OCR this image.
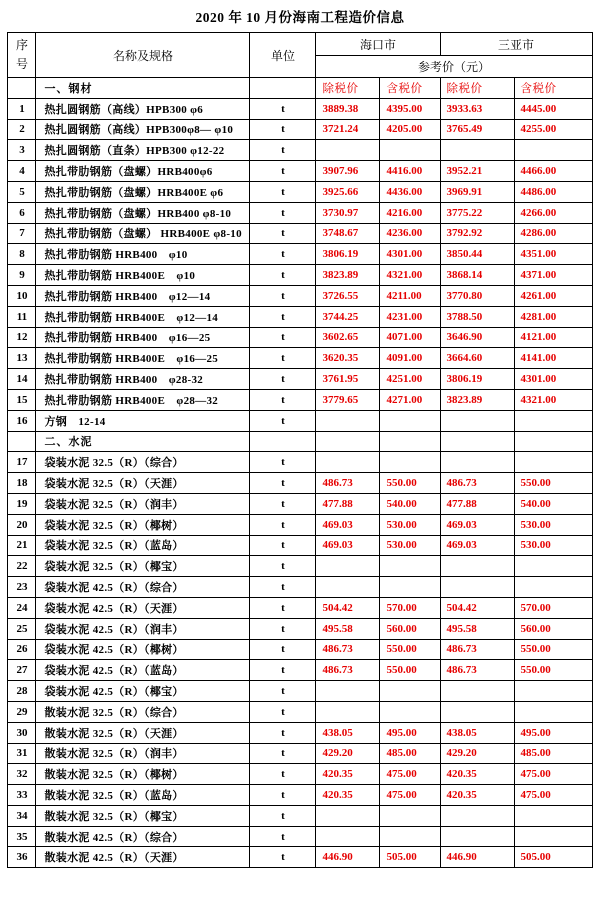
2020 年 10 月份海南工程造价信息
序号	名称及规格	单位	海口市		三亚市	
			参考价（元）			
	一、钢材		除税价	含税价	除税价	含税价
1	热扎圆钢筋（高线）HPB300 φ6	t	3889.38	4395.00	3933.63	4445.00
2	热扎圆钢筋（高线）HPB300φ8— φ10	t	3721.24	4205.00	3765.49	4255.00
3	热扎圆钢筋（直条）HPB300 φ12-22	t				
4	热扎带肋钢筋（盘螺）HRB400φ6	t	3907.96	4416.00	3952.21	4466.00
5	热扎带肋钢筋（盘螺）HRB400E φ6	t	3925.66	4436.00	3969.91	4486.00
6	热扎带肋钢筋（盘螺）HRB400 φ8-10	t	3730.97	4216.00	3775.22	4266.00
7	热扎带肋钢筋（盘螺） HRB400E φ8-10	t	3748.67	4236.00	3792.92	4286.00
8	热扎带肋钢筋 HRB400　φ10	t	3806.19	4301.00	3850.44	4351.00
9	热扎带肋钢筋 HRB400E　φ10	t	3823.89	4321.00	3868.14	4371.00
10	热扎带肋钢筋 HRB400　φ12—14	t	3726.55	4211.00	3770.80	4261.00
11	热扎带肋钢筋 HRB400E　φ12—14	t	3744.25	4231.00	3788.50	4281.00
12	热扎带肋钢筋 HRB400　φ16—25	t	3602.65	4071.00	3646.90	4121.00
13	热扎带肋钢筋 HRB400E　φ16—25	t	3620.35	4091.00	3664.60	4141.00
14	热扎带肋钢筋 HRB400　φ28-32	t	3761.95	4251.00	3806.19	4301.00
15	热扎带肋钢筋 HRB400E　φ28—32	t	3779.65	4271.00	3823.89	4321.00
16	方钢　12-14	t				
	二、水泥					
17	袋装水泥 32.5（R）（综合）	t				
18	袋装水泥 32.5（R）（天涯）	t	486.73	550.00	486.73	550.00
19	袋装水泥 32.5（R）（润丰）	t	477.88	540.00	477.88	540.00
20	袋装水泥 32.5（R）（椰树）	t	469.03	530.00	469.03	530.00
21	袋装水泥 32.5（R）（蓝岛）	t	469.03	530.00	469.03	530.00
22	袋装水泥 32.5（R）（椰宝）	t				
23	袋装水泥 42.5（R）（综合）	t				
24	袋装水泥 42.5（R）（天涯）	t	504.42	570.00	504.42	570.00
25	袋装水泥 42.5（R）（润丰）	t	495.58	560.00	495.58	560.00
26	袋装水泥 42.5（R）（椰树）	t	486.73	550.00	486.73	550.00
27	袋装水泥 42.5（R）（蓝岛）	t	486.73	550.00	486.73	550.00
28	袋装水泥 42.5（R）（椰宝）	t				
29	散装水泥 32.5（R）（综合）	t				
30	散装水泥 32.5（R）（天涯）	t	438.05	495.00	438.05	495.00
31	散装水泥 32.5（R）（润丰）	t	429.20	485.00	429.20	485.00
32	散装水泥 32.5（R）（椰树）	t	420.35	475.00	420.35	475.00
33	散装水泥 32.5（R）（蓝岛）	t	420.35	475.00	420.35	475.00
34	散装水泥 32.5（R）（椰宝）	t				
35	散装水泥 42.5（R）（综合）	t				
36	散装水泥 42.5（R）（天涯）	t	446.90	505.00	446.90	505.00
